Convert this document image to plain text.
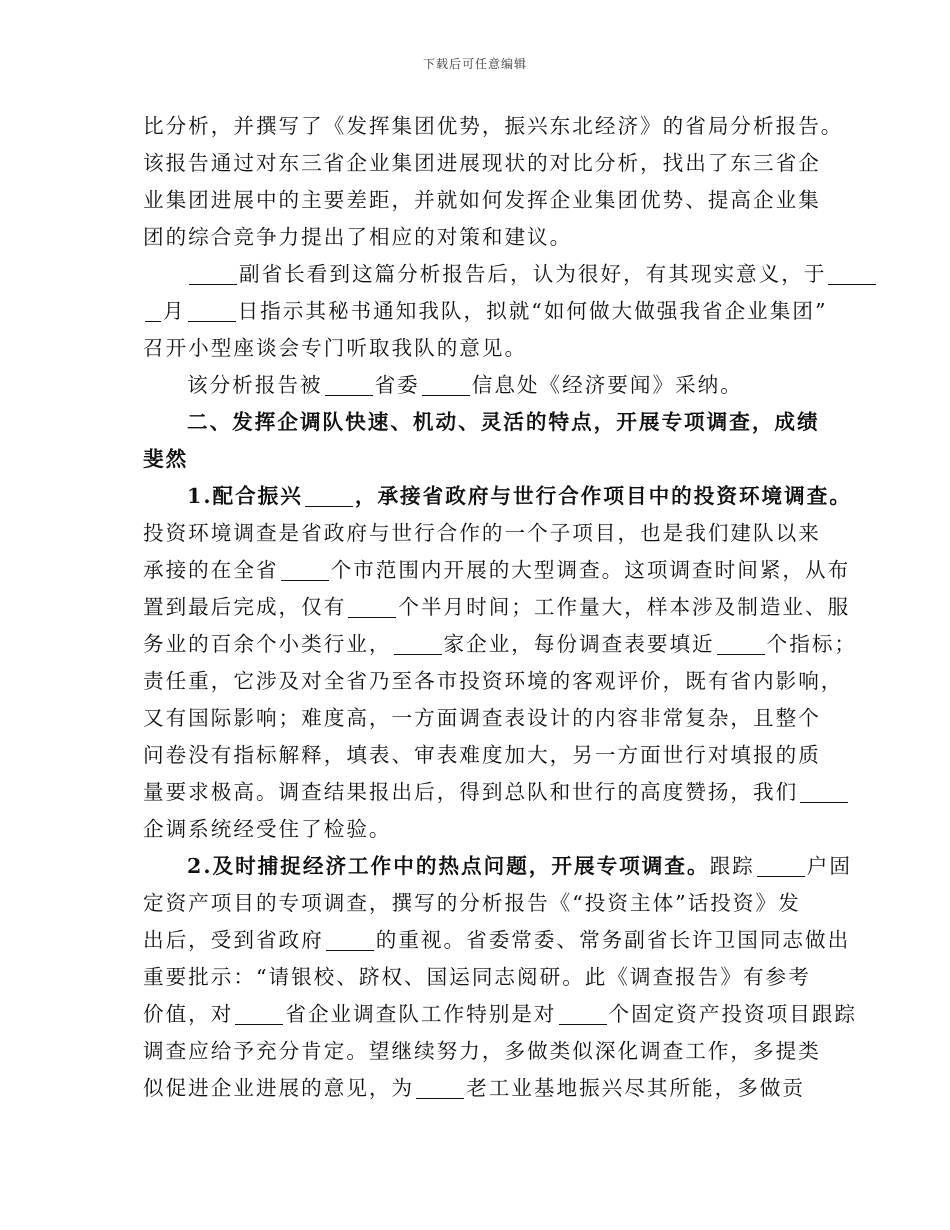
下载后可任意编辑
比分析，并撰写了《发挥集团优势，振兴东北经济》的省局分析报告。
该报告通过对东三省企业集团进展现状的对比分析，找出了东三省企
业集团进展中的主要差距，并就如何发挥企业集团优势、提高企业集
团的综合竞争力提出了相应的对策和建议。
副省长看到这篇分析报告后，认为很好，有其现实意义，于
月	日指示其秘书通知我队，拟就“如何做大做强我省企业集团”
召开小型座谈会专门听取我队的意见。
该分析报告被	省委	信息处《经济要闻》采纳。
二、发挥企调队快速、机动、灵活的特点，开展专项调查，成绩
斐然
1.配合振兴	，承接省政府与世行合作项目中的投资环境调查。
投资环境调查是省政府与世行合作的一个子项目，也是我们建队以来
承接的在全省	个市范围内开展的大型调查。这项调查时间紧，从布
置到最后完成，仅有	个半月时间；工作量大，样本涉及制造业、服
务业的百余个小类行业，	家企业，每份调查表要填近	个指标；
责任重，它涉及对全省乃至各市投资环境的客观评价，既有省内影响，
又有国际影响；难度高，一方面调查表设计的内容非常复杂，且整个
问卷没有指标解释，填表、审表难度加大，另一方面世行对填报的质
量要求极高。调查结果报出后，得到总队和世行的高度赞扬，我们
企调系统经受住了检验。
2.及时捕捉经济工作中的热点问题，开展专项调查。跟踪	户固
定资产项目的专项调查，撰写的分析报告《“投资主体”话投资》发
出后，受到省政府	的重视。省委常委、常务副省长许卫国同志做出
重要批示：“请银校、跻权、国运同志阅研。此《调查报告》有参考
价值，对	省企业调查队工作特别是对	个固定资产投资项目跟踪
调查应给予充分肯定。望继续努力，多做类似深化调查工作，多提类
似促进企业进展的意见，为	老工业基地振兴尽其所能，多做贡
